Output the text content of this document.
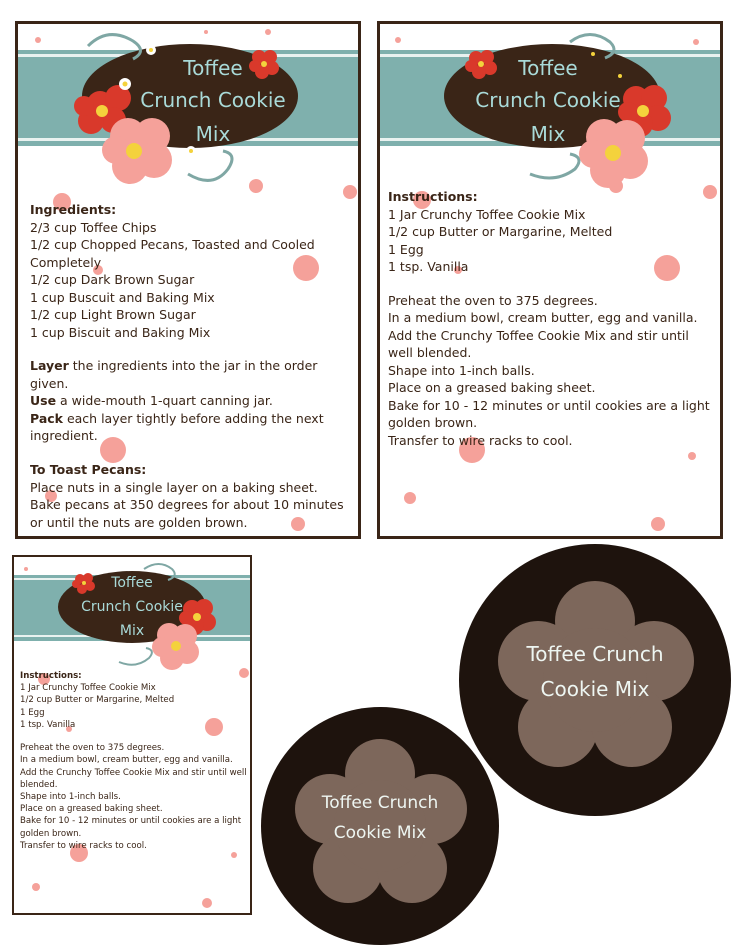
Toffee
Crunch Cookie
Mix

Ingredients:

2/3 cup Toffee Chips

1/2 cup Chopped Pecans, Toasted and Cooled Completely

1/2 cup Dark Brown Sugar

1 cup Buscuit and Baking Mix

1/2 cup Light Brown Sugar

1 cup Biscuit and Baking Mix

Layer the ingredients into the jar in the order given.

Use a wide-mouth 1-quart canning jar.

Pack each layer tightly before adding the next ingredient.

To Toast Pecans:

Place nuts in a single layer on a baking sheet.

Bake pecans at 350 degrees for about 10 minutes or until the nuts are golden brown.

Toffee
Crunch Cookie
Mix

Instructions:

1 Jar Crunchy Toffee Cookie Mix

1/2 cup Butter or Margarine, Melted

1 Egg

1 tsp. Vanilla

Preheat the oven to 375 degrees.

In a medium bowl, cream butter, egg and vanilla.

Add the Crunchy Toffee Cookie Mix and stir until well blended.

Shape into 1-inch balls.

Place on a greased baking sheet.

Bake for 10 - 12 minutes or until cookies are a light golden brown.

Transfer to wire racks to cool.

Toffee
Crunch Cookie
Mix

Instructions:

1 Jar Crunchy Toffee Cookie Mix

1/2 cup Butter or Margarine, Melted

1 Egg

1 tsp. Vanilla

Preheat the oven to 375 degrees.

In a medium bowl, cream butter, egg and vanilla.

Add the Crunchy Toffee Cookie Mix and stir until well blended.

Shape into 1-inch balls.

Place on a greased baking sheet.

Bake for 10 - 12 minutes or until cookies are a light golden brown.

Transfer to wire racks to cool.

Toffee Crunch
Cookie Mix
Toffee Crunch
Cookie Mix
